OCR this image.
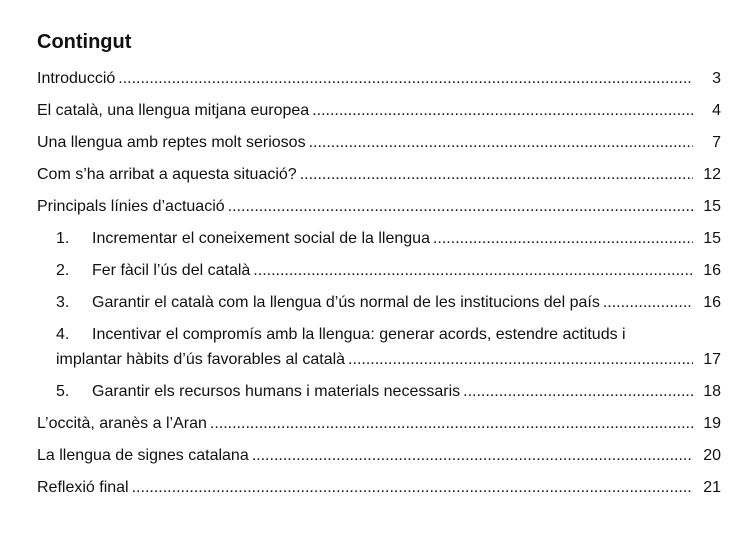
Contingut
Introducció .....	3
El català, una llengua mitjana europea .....	4
Una llengua amb reptes molt seriosos .....	7
Com s’ha arribat a aquesta situació? .....	12
Principals línies d’actuació .....	15
1. Incrementar el coneixement social de la llengua .....	15
2. Fer fàcil l’ús del català .....	16
3. Garantir el català com la llengua d’ús normal de les institucions del país .....	16
4. Incentivar el compromís amb la llengua: generar acords, estendre actituds i
implantar hàbits d’ús favorables al català .....	17
5. Garantir els recursos humans i materials necessaris .....	18
L’occità, aranès a l’Aran .....	19
La llengua de signes catalana .....	20
Reflexió final .....	21
